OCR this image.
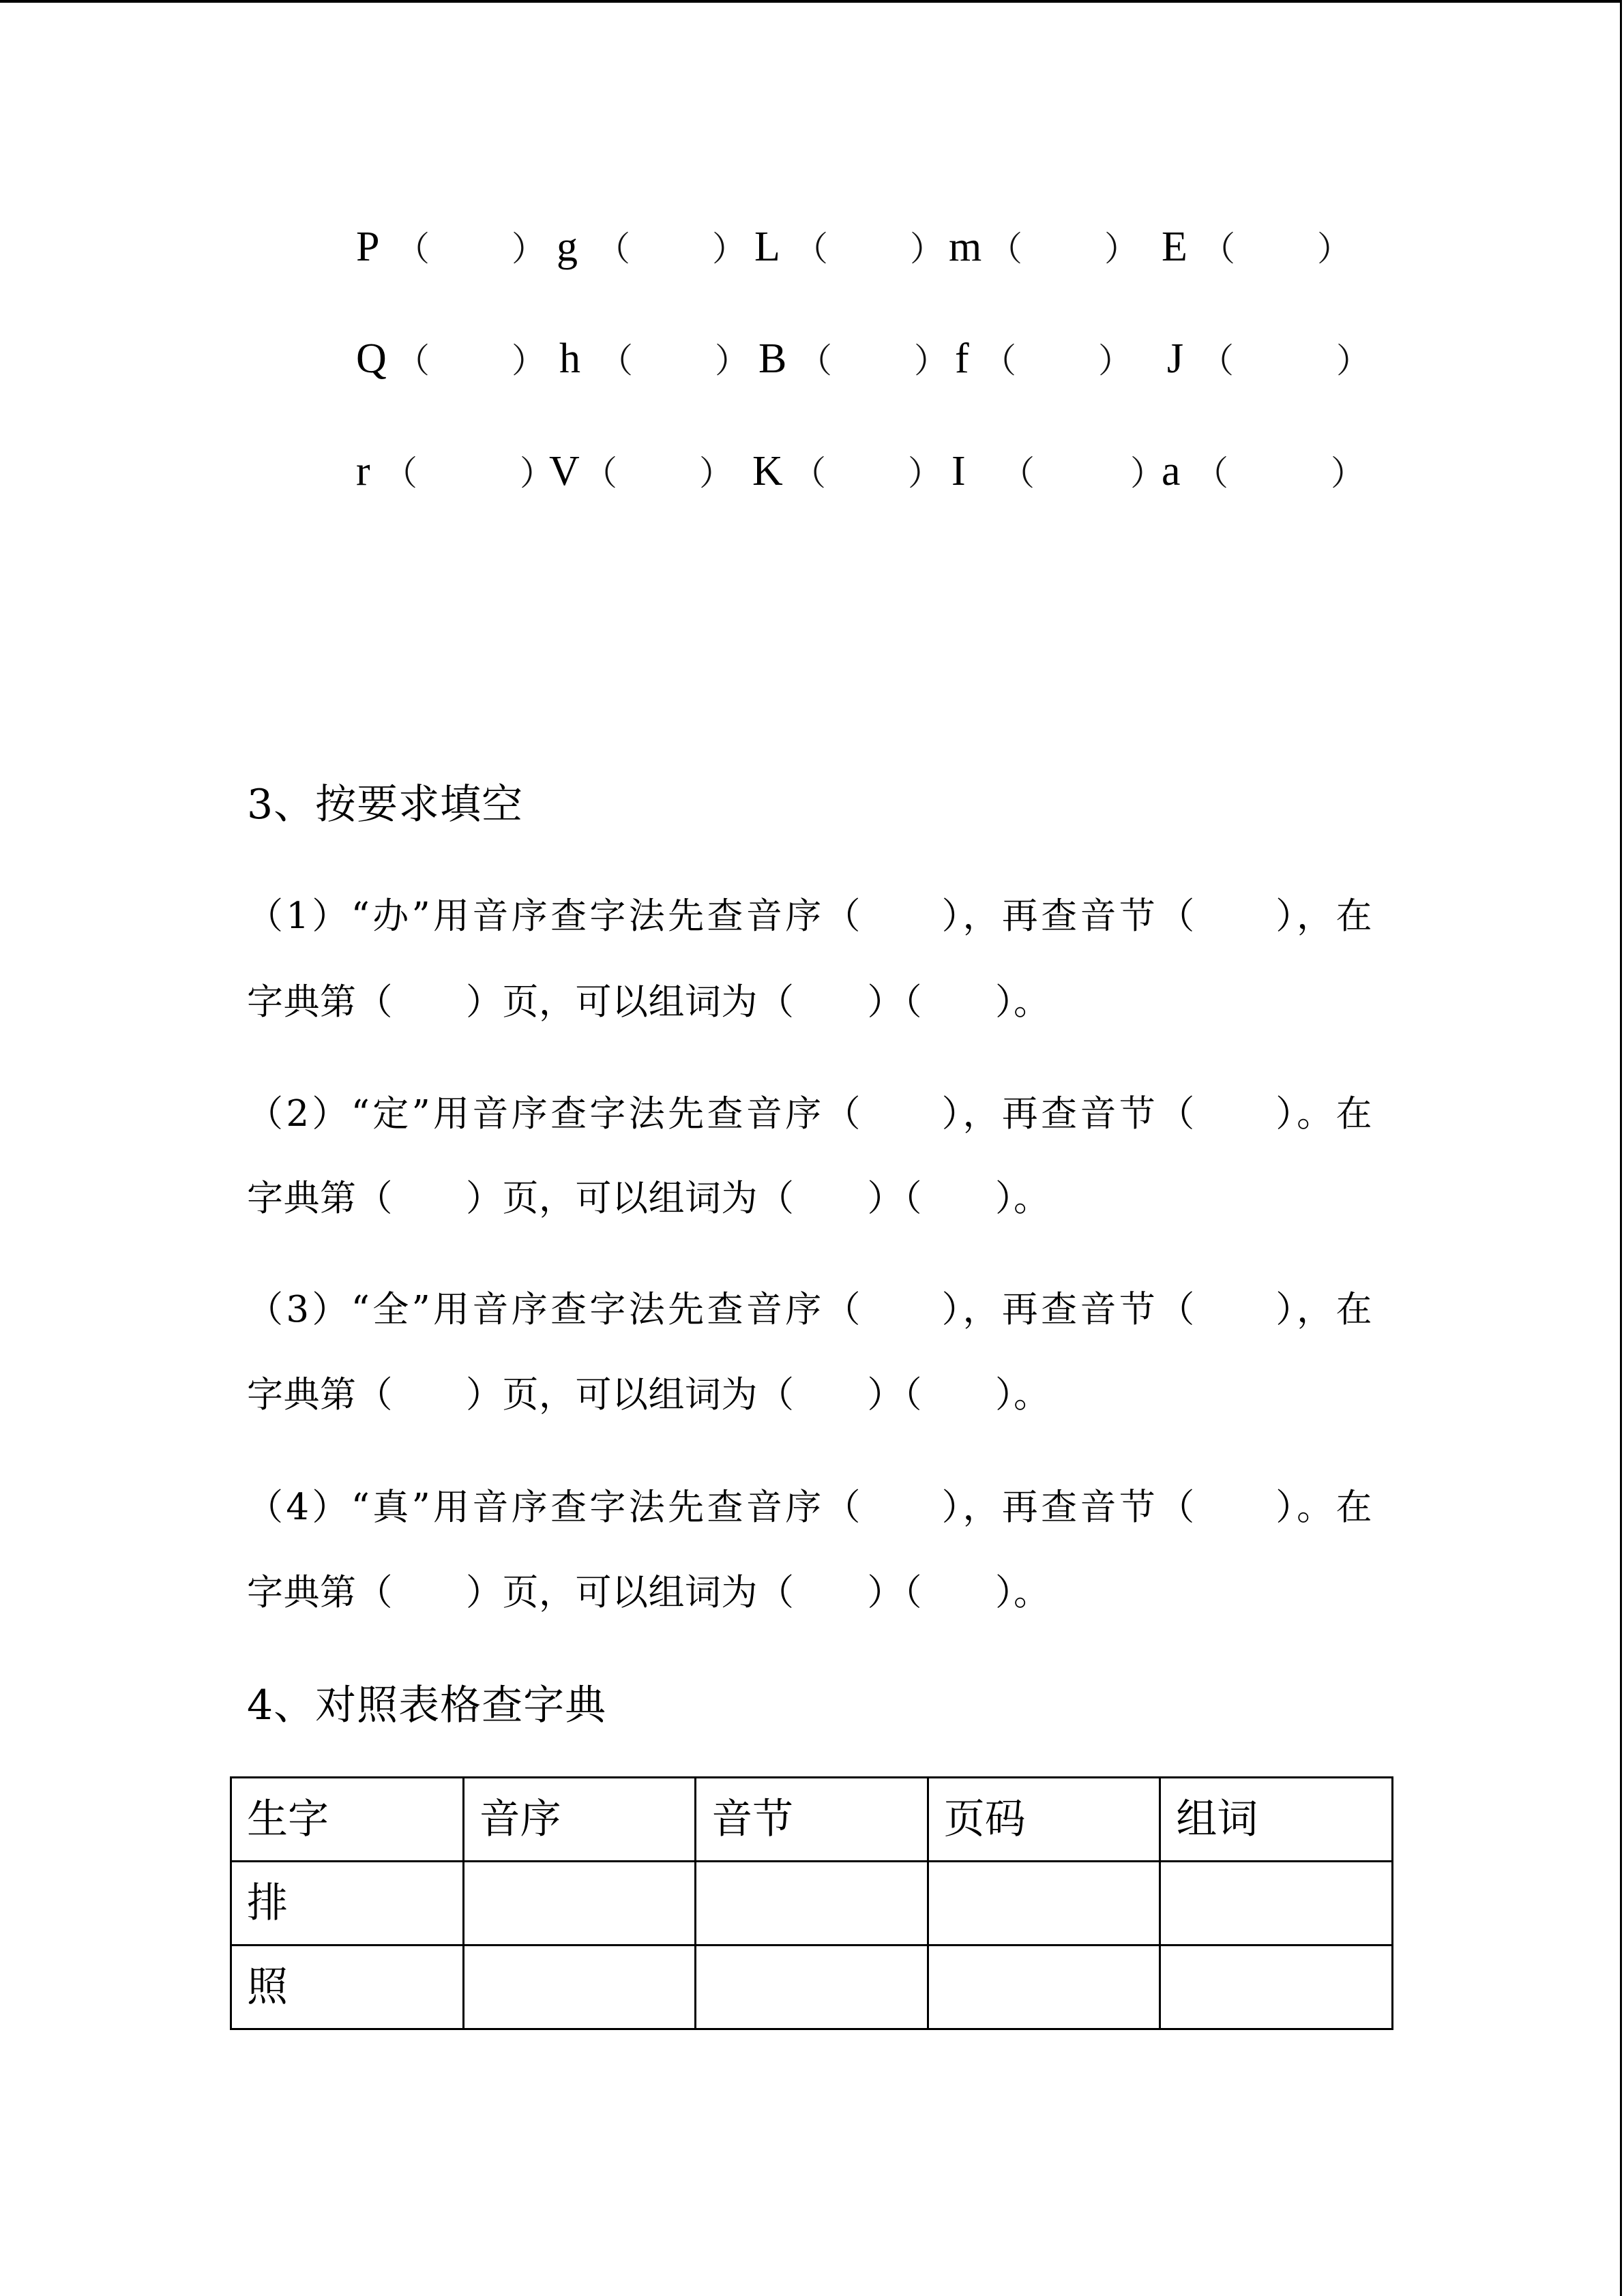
P （ ） g （ ） L （ ） m （ ） E （ ）
Q （ ） h （ ） B （ ） f （ ） J （	）
r （	）
V （ ） K （ ） I	（	）
a （	）
3、按要求填空
（1）“办”用音序查字法先查音序（　　），再查音节（　　），在
字典第（　　）页，可以组词为（　　）（　　）。
（2）“定”用音序查字法先查音序（　　），再查音节（　　）。在
字典第（　　）页，可以组词为（　　）（　　）。
（3）“全”用音序查字法先查音序（　　），再查音节（　　），在
字典第（　　）页，可以组词为（　　）（　　）。
（4）“真”用音序查字法先查音序（　　），再查音节（　　）。在
字典第（　　）页，可以组词为（　　）（　　）。
4、对照表格查字典
生字	音序	音节	页码	组词
排				
照				
